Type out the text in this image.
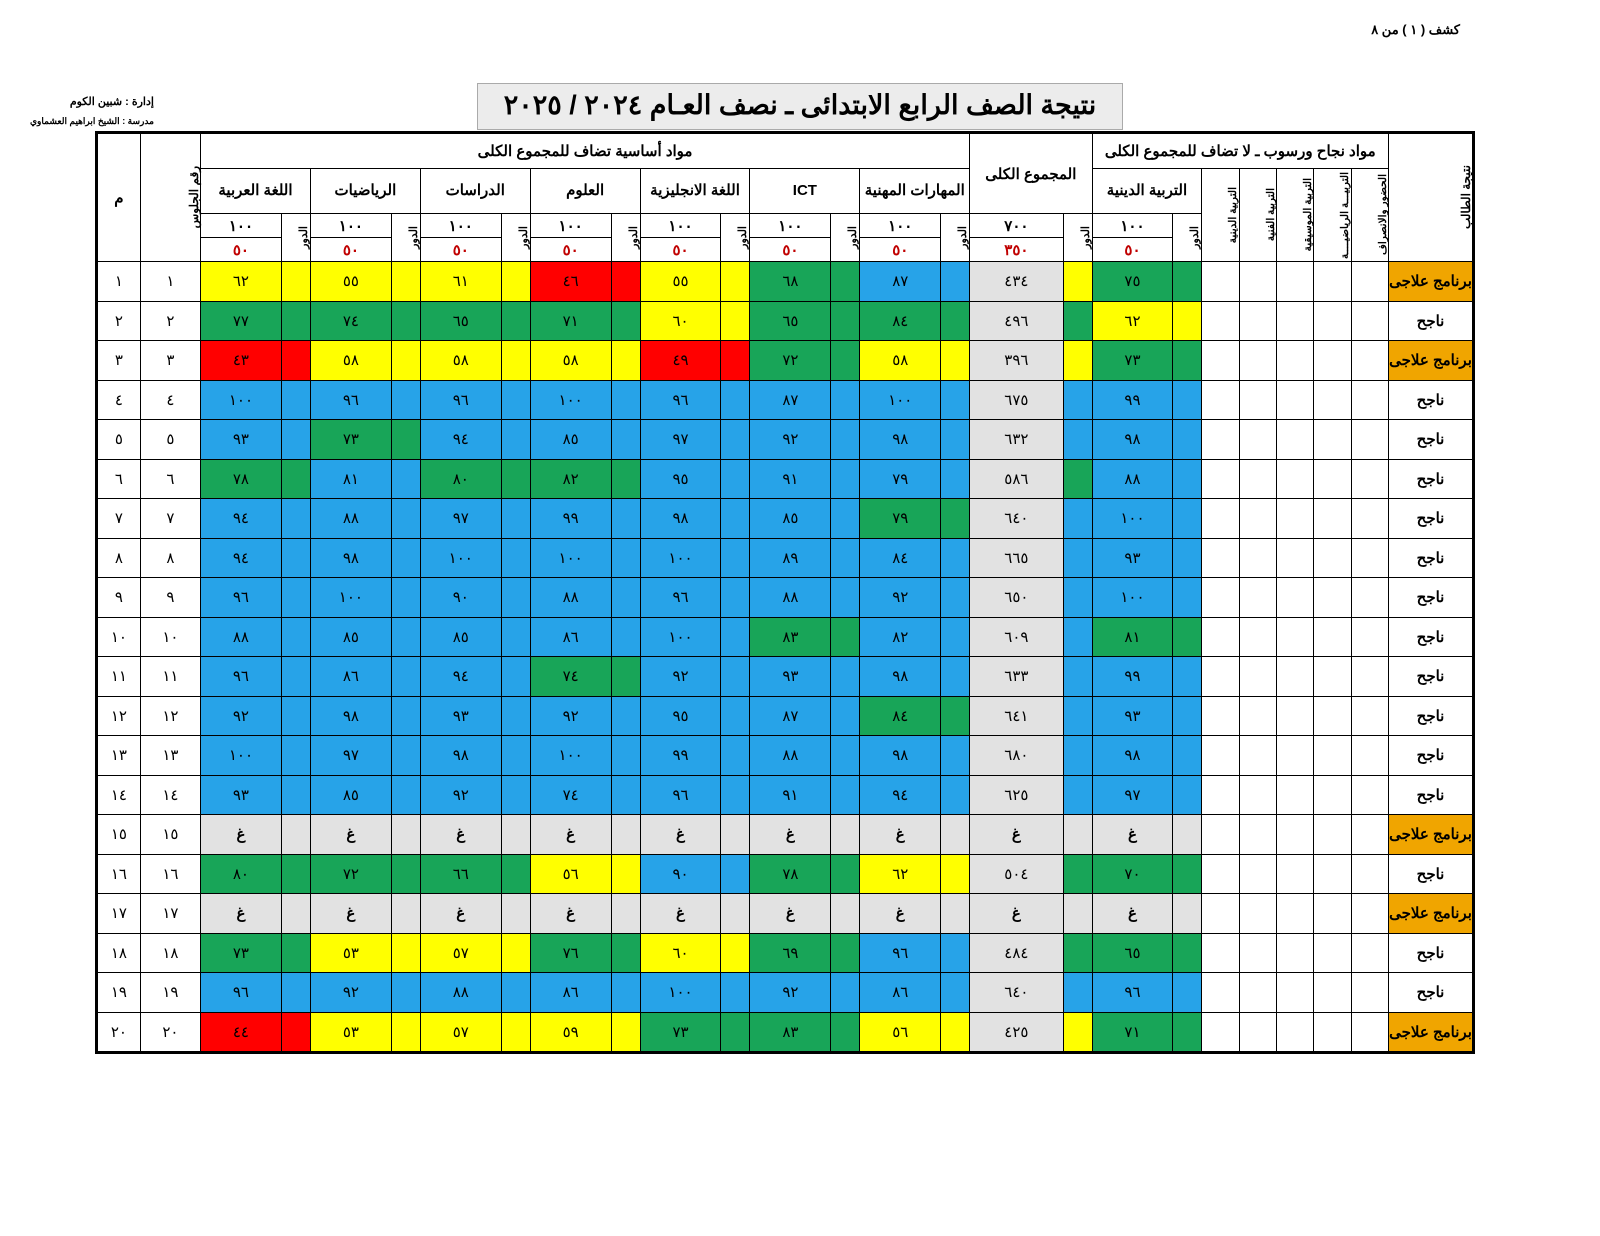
كشف ( ١ ) من ٨
إدارة : شبين الكوم
مدرسة : الشيخ ابراهيم العشماوي
نتيجة الصف الرابع الابتدائى ـ نصف العـام ٢٠٢٤ / ٢٠٢٥
نتيجة الطالب	مواد نجاح ورسوب ـ لا تضاف للمجموع الكلى							المجموع الكلى		مواد أساسية تضاف للمجموع الكلى														رقم الجلوس	م

	الحضور والانصراف	التربيـــة الرياضيــــة	التربية الموسيقية	التربية الفنية	التربية الدينية	التربية الدينية				المهارات المهنية		ICT		اللغة الانجليزية		العلوم		الدراسات		الرياضيات		اللغة العربية			

						الدور	١٠٠	الدور	٧٠٠	الدور	١٠٠	الدور	١٠٠	الدور	١٠٠	الدور	١٠٠	الدور	١٠٠	الدور	١٠٠	الدور	١٠٠		
							٥٠		٣٥٠		٥٠		٥٠		٥٠		٥٠		٥٠		٥٠		٥٠		
برنامج علاجى							٧٥		٤٣٤		٨٧		٦٨		٥٥		٤٦		٦١		٥٥		٦٢	١	١
ناجح							٦٢		٤٩٦		٨٤		٦٥		٦٠		٧١		٦٥		٧٤		٧٧	٢	٢
برنامج علاجى							٧٣		٣٩٦		٥٨		٧٢		٤٩		٥٨		٥٨		٥٨		٤٣	٣	٣
ناجح							٩٩		٦٧٥		١٠٠		٨٧		٩٦		١٠٠		٩٦		٩٦		١٠٠	٤	٤
ناجح							٩٨		٦٣٢		٩٨		٩٢		٩٧		٨٥		٩٤		٧٣		٩٣	٥	٥
ناجح							٨٨		٥٨٦		٧٩		٩١		٩٥		٨٢		٨٠		٨١		٧٨	٦	٦
ناجح							١٠٠		٦٤٠		٧٩		٨٥		٩٨		٩٩		٩٧		٨٨		٩٤	٧	٧
ناجح							٩٣		٦٦٥		٨٤		٨٩		١٠٠		١٠٠		١٠٠		٩٨		٩٤	٨	٨
ناجح							١٠٠		٦٥٠		٩٢		٨٨		٩٦		٨٨		٩٠		١٠٠		٩٦	٩	٩
ناجح							٨١		٦٠٩		٨٢		٨٣		١٠٠		٨٦		٨٥		٨٥		٨٨	١٠	١٠
ناجح							٩٩		٦٣٣		٩٨		٩٣		٩٢		٧٤		٩٤		٨٦		٩٦	١١	١١
ناجح							٩٣		٦٤١		٨٤		٨٧		٩٥		٩٢		٩٣		٩٨		٩٢	١٢	١٢
ناجح							٩٨		٦٨٠		٩٨		٨٨		٩٩		١٠٠		٩٨		٩٧		١٠٠	١٣	١٣
ناجح							٩٧		٦٢٥		٩٤		٩١		٩٦		٧٤		٩٢		٨٥		٩٣	١٤	١٤
برنامج علاجى							غ		غ		غ		غ		غ		غ		غ		غ		غ	١٥	١٥
ناجح							٧٠		٥٠٤		٦٢		٧٨		٩٠		٥٦		٦٦		٧٢		٨٠	١٦	١٦
برنامج علاجى							غ		غ		غ		غ		غ		غ		غ		غ		غ	١٧	١٧
ناجح							٦٥		٤٨٤		٩٦		٦٩		٦٠		٧٦		٥٧		٥٣		٧٣	١٨	١٨
ناجح							٩٦		٦٤٠		٨٦		٩٢		١٠٠		٨٦		٨٨		٩٢		٩٦	١٩	١٩
برنامج علاجى							٧١		٤٢٥		٥٦		٨٣		٧٣		٥٩		٥٧		٥٣		٤٤	٢٠	٢٠
